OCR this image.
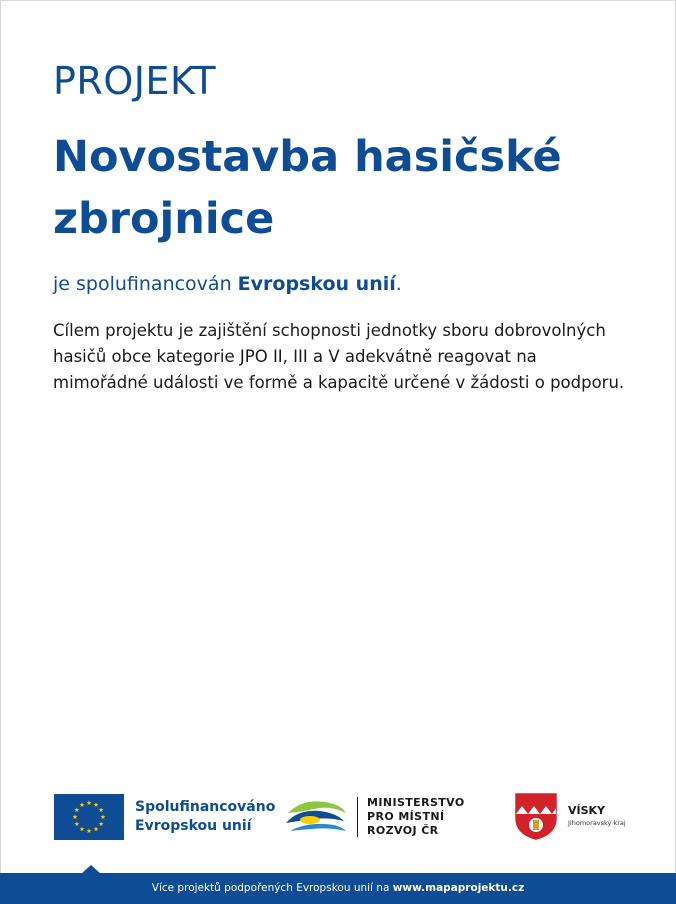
PROJEKT
Novostavba hasičské zbrojnice

je spolufinancován Evropskou unií.

Cílem projektu je zajištění schopnosti jednotky sboru dobrovolných hasičů obce kategorie JPO II, III a V adekvátně reagovat na mimořádné události ve formě a kapacitě určené v žádosti o podporu.

Spolufinancováno
Evropskou unií
MINISTERSTVO
PRO MÍSTNÍ
ROZVOJ ČR
VÍSKY
Jihomoravský kraj
Více projektů podpořených Evropskou unií na www.mapaprojektu.cz
